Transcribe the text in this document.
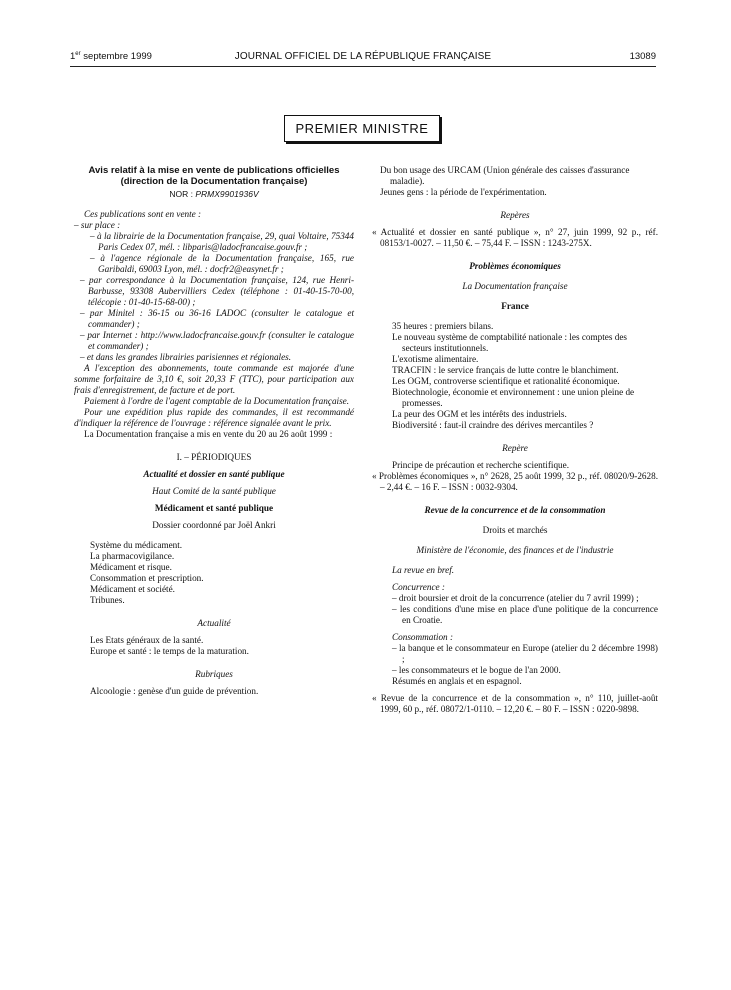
1er septembre 1999	JOURNAL OFFICIEL DE LA RÉPUBLIQUE FRANÇAISE	13089
PREMIER MINISTRE

Avis relatif à la mise en vente de publications officielles

(direction de la Documentation française)

NOR : PRMX9901936V

Ces publications sont en vente :

– sur place :

– à la librairie de la Documentation française, 29, quai Voltaire, 75344 Paris Cedex 07, mél. : libparis@ladocfrancaise.gouv.fr ;

– à l'agence régionale de la Documentation française, 165, rue Garibaldi, 69003 Lyon, mél. : docfr2@easynet.fr ;

– par correspondance à la Documentation française, 124, rue Henri-Barbusse, 93308 Aubervilliers Cedex (téléphone : 01-40-15-70-00, télécopie : 01-40-15-68-00) ;

– par Minitel : 36-15 ou 36-16 LADOC (consulter le catalogue et commander) ;

– par Internet : http://www.ladocfrancaise.gouv.fr (consulter le catalogue et commander) ;

– et dans les grandes librairies parisiennes et régionales.

A l'exception des abonnements, toute commande est majorée d'une somme forfaitaire de 3,10 €, soit 20,33 F (TTC), pour participation aux frais d'enregistrement, de facture et de port.

Paiement à l'ordre de l'agent comptable de la Documentation française.

Pour une expédition plus rapide des commandes, il est recommandé d'indiquer la référence de l'ouvrage : référence signalée avant le prix.

La Documentation française a mis en vente du 20 au 26 août 1999 :

I. – PÉRIODIQUES

Actualité et dossier en santé publique

Haut Comité de la santé publique

Médicament et santé publique

Dossier coordonné par Joël Ankri

Système du médicament.

La pharmacovigilance.

Médicament et risque.

Consommation et prescription.

Médicament et société.

Tribunes.

Actualité

Les Etats généraux de la santé.

Europe et santé : le temps de la maturation.

Rubriques

Alcoologie : genèse d'un guide de prévention.

Du bon usage des URCAM (Union générale des caisses d'assurance maladie).

Jeunes gens : la période de l'expérimentation.

Repères

« Actualité et dossier en santé publique », n° 27, juin 1999, 92 p., réf. 08153/1-0027. – 11,50 €. – 75,44 F. – ISSN : 1243-275X.

Problèmes économiques

La Documentation française

France

35 heures : premiers bilans.

Le nouveau système de comptabilité nationale : les comptes des secteurs institutionnels.

L'exotisme alimentaire.

TRACFIN : le service français de lutte contre le blanchiment.

Les OGM, controverse scientifique et rationalité économique.

Biotechnologie, économie et environnement : une union pleine de promesses.

La peur des OGM et les intérêts des industriels.

Biodiversité : faut-il craindre des dérives mercantiles ?

Repère

Principe de précaution et recherche scientifique.

« Problèmes économiques », n° 2628, 25 août 1999, 32 p., réf. 08020/9-2628. – 2,44 €. – 16 F. – ISSN : 0032-9304.

Revue de la concurrence et de la consommation

Droits et marchés

Ministère de l'économie, des finances et de l'industrie

La revue en bref.

Concurrence :

– droit boursier et droit de la concurrence (atelier du 7 avril 1999) ;

– les conditions d'une mise en place d'une politique de la concurrence en Croatie.

Consommation :

– la banque et le consommateur en Europe (atelier du 2 décembre 1998) ;

– les consommateurs et le bogue de l'an 2000.

Résumés en anglais et en espagnol.

« Revue de la concurrence et de la consommation », n° 110, juillet-août 1999, 60 p., réf. 08072/1-0110. – 12,20 €. – 80 F. – ISSN : 0220-9898.
